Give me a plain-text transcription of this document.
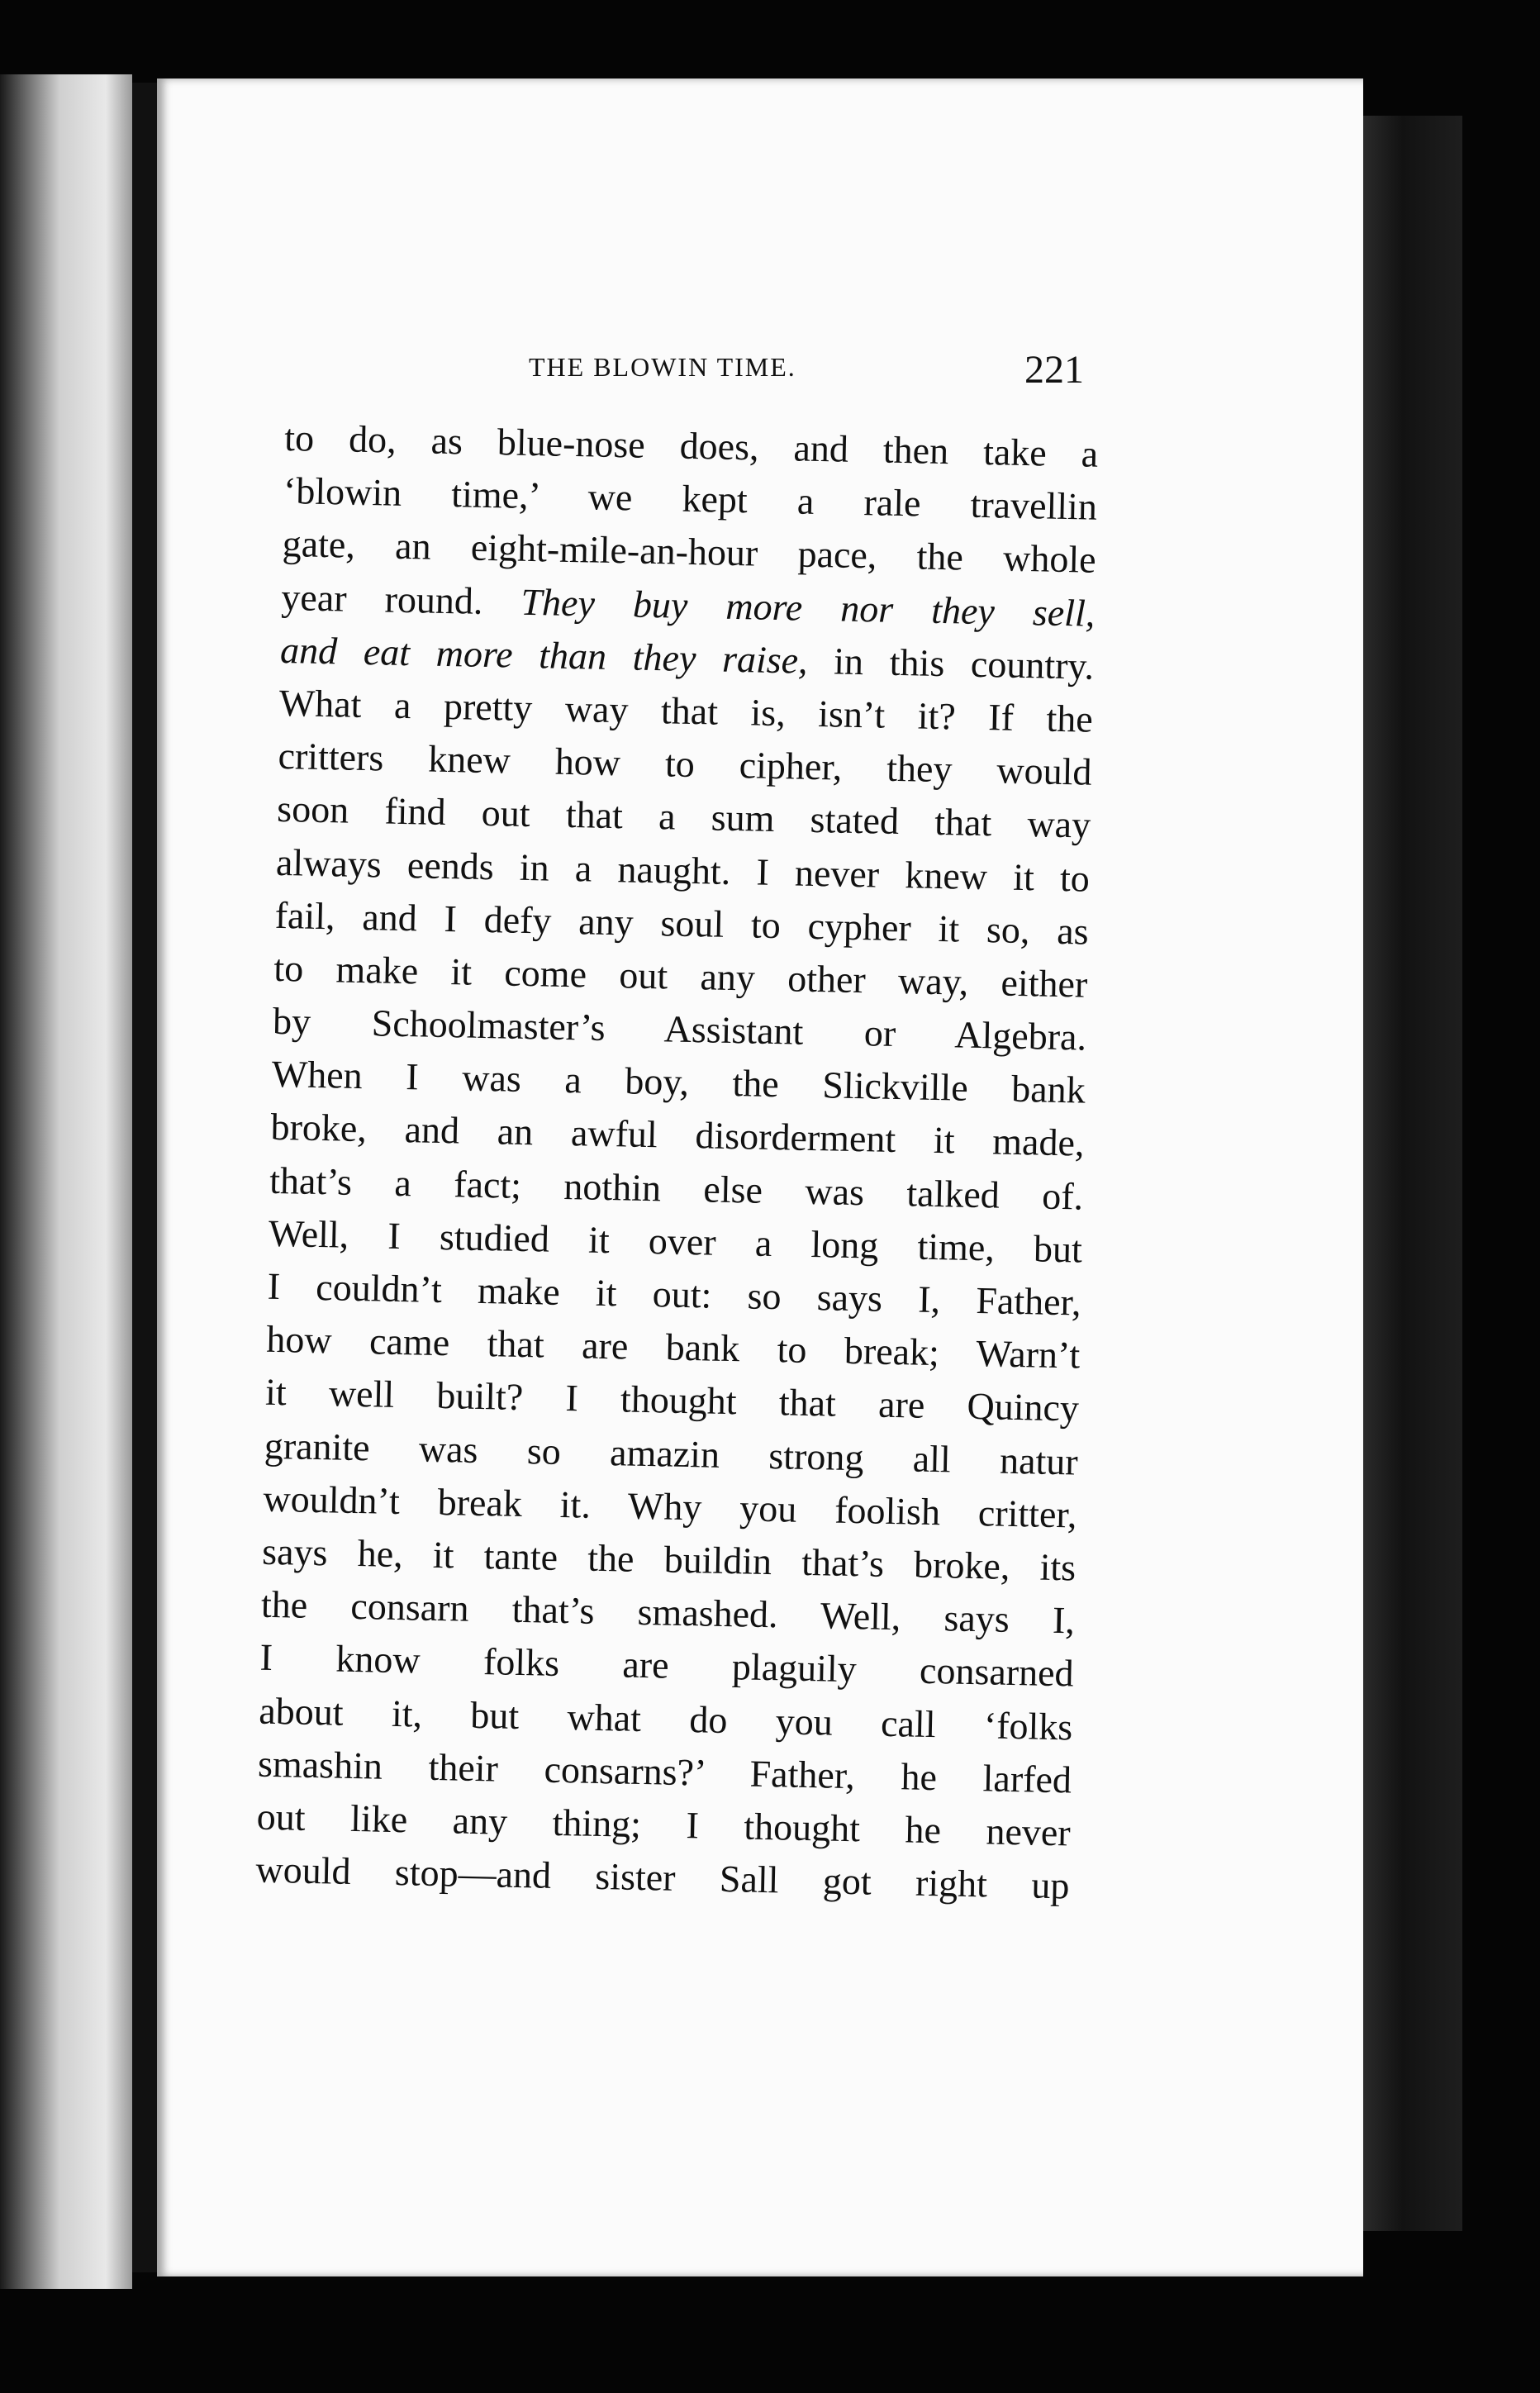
THE BLOWIN TIME.	221
to do, as blue-nose does, and then take a
‘blowin time,’ we kept a rale travellin
gate, an eight-mile-an-hour pace, the whole
year round. They buy more nor they sell,
and eat more than they raise, in this country.
What a pretty way that is, isn’t it? If the
critters knew how to cipher, they would
soon find out that a sum stated that way
always eends in a naught. I never knew it to
fail, and I defy any soul to cypher it so, as
to make it come out any other way, either
by Schoolmaster’s Assistant or Algebra.
When I was a boy, the Slickville bank
broke, and an awful disorderment it made,
that’s a fact; nothin else was talked of.
Well, I studied it over a long time, but
I couldn’t make it out: so says I, Father,
how came that are bank to break; Warn’t
it well built? I thought that are Quincy
granite was so amazin strong all natur
wouldn’t break it. Why you foolish critter,
says he, it tante the buildin that’s broke, its
the consarn that’s smashed. Well, says I,
I know folks are plaguily consarned
about it, but what do you call ‘folks
smashin their consarns?’ Father, he larfed
out like any thing; I thought he never
would stop—and sister Sall got right up
